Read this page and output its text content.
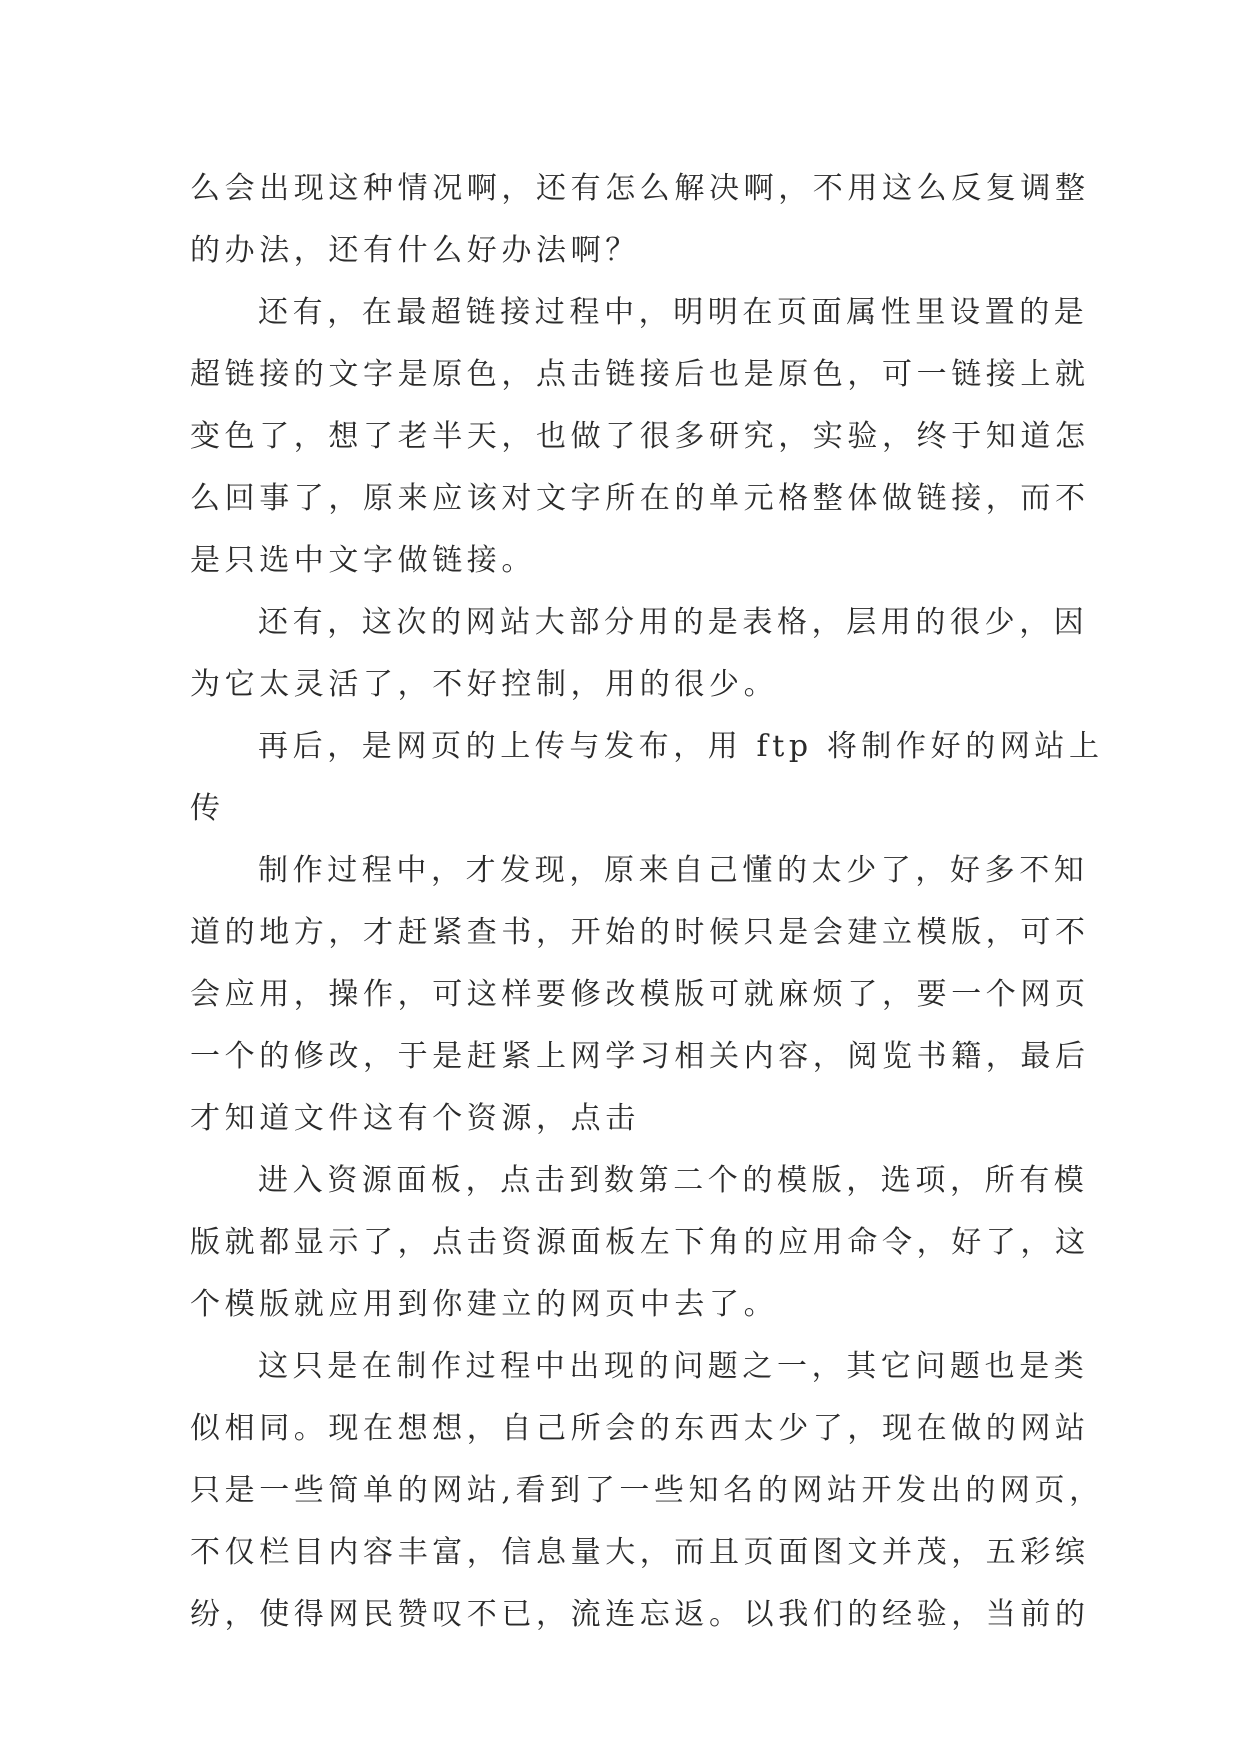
么会出现这种情况啊，还有怎么解决啊，不用这么反复调整
的办法，还有什么好办法啊？

还有，在最超链接过程中，明明在页面属性里设置的是
超链接的文字是原色，点击链接后也是原色，可一链接上就
变色了，想了老半天，也做了很多研究，实验，终于知道怎
么回事了，原来应该对文字所在的单元格整体做链接，而不
是只选中文字做链接。

还有，这次的网站大部分用的是表格，层用的很少，因
为它太灵活了，不好控制，用的很少。

再后，是网页的上传与发布，用 ftp 将制作好的网站上
传

制作过程中，才发现，原来自己懂的太少了，好多不知
道的地方，才赶紧查书，开始的时候只是会建立模版，可不
会应用，操作，可这样要修改模版可就麻烦了，要一个网页
一个的修改，于是赶紧上网学习相关内容，阅览书籍，最后
才知道文件这有个资源，点击

进入资源面板，点击到数第二个的模版，选项，所有模
版就都显示了，点击资源面板左下角的应用命令，好了，这
个模版就应用到你建立的网页中去了。

这只是在制作过程中出现的问题之一，其它问题也是类
似相同。现在想想，自己所会的东西太少了，现在做的网站
只是一些简单的网站,看到了一些知名的网站开发出的网页，
不仅栏目内容丰富，信息量大，而且页面图文并茂，五彩缤
纷，使得网民赞叹不已，流连忘返。以我们的经验，当前的
